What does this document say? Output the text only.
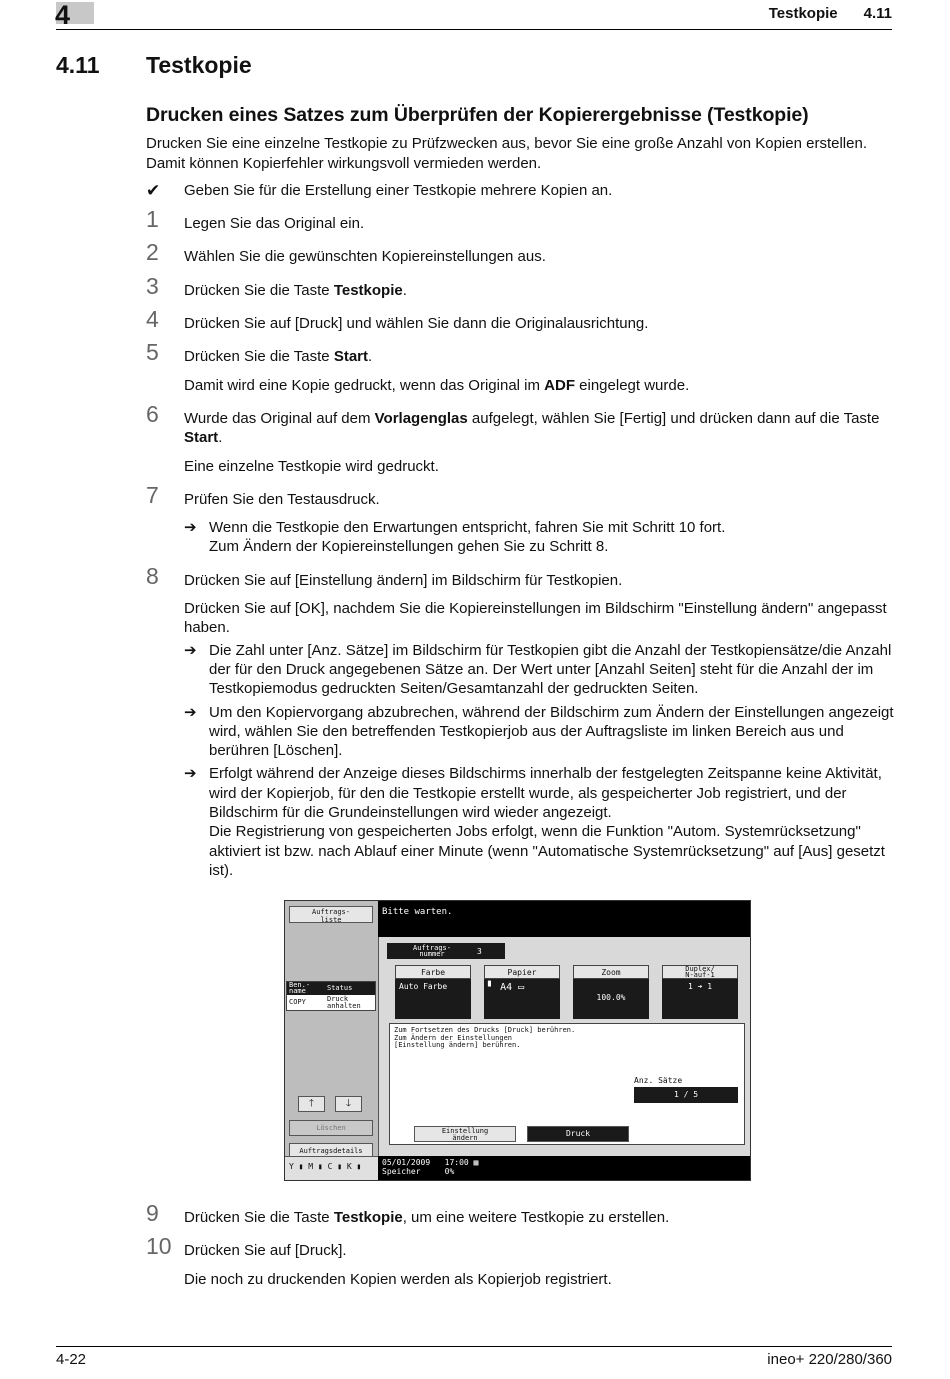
4	Testkopie 4.11
4.11 Testkopie
Drucken eines Satzes zum Überprüfen der Kopierergebnisse (Testkopie)
Drucken Sie eine einzelne Testkopie zu Prüfzwecken aus, bevor Sie eine große Anzahl von Kopien erstellen. Damit können Kopierfehler wirkungsvoll vermieden werden.
✔ Geben Sie für die Erstellung einer Testkopie mehrere Kopien an.
1 Legen Sie das Original ein.
2 Wählen Sie die gewünschten Kopiereinstellungen aus.
3 Drücken Sie die Taste Testkopie.
4 Drücken Sie auf [Druck] und wählen Sie dann die Originalausrichtung.
5 Drücken Sie die Taste Start.
Damit wird eine Kopie gedruckt, wenn das Original im ADF eingelegt wurde.
6 Wurde das Original auf dem Vorlagenglas aufgelegt, wählen Sie [Fertig] und drücken dann auf die Taste Start.
Eine einzelne Testkopie wird gedruckt.
7 Prüfen Sie den Testausdruck.
➔ Wenn die Testkopie den Erwartungen entspricht, fahren Sie mit Schritt 10 fort.
Zum Ändern der Kopiereinstellungen gehen Sie zu Schritt 8.
8 Drücken Sie auf [Einstellung ändern] im Bildschirm für Testkopien.
Drücken Sie auf [OK], nachdem Sie die Kopiereinstellungen im Bildschirm "Einstellung ändern" angepasst haben.
➔ Die Zahl unter [Anz. Sätze] im Bildschirm für Testkopien gibt die Anzahl der Testkopiensätze/die Anzahl der für den Druck angegebenen Sätze an. Der Wert unter [Anzahl Seiten] steht für die Anzahl der im Testkopiemodus gedruckten Seiten/Gesamtanzahl der gedruckten Seiten.
➔ Um den Kopiervorgang abzubrechen, während der Bildschirm zum Ändern der Einstellungen angezeigt wird, wählen Sie den betreffenden Testkopierjob aus der Auftragsliste im linken Bereich aus und berühren [Löschen].
➔ Erfolgt während der Anzeige dieses Bildschirms innerhalb der festgelegten Zeitspanne keine Aktivität, wird der Kopierjob, für den die Testkopie erstellt wurde, als gespeicherter Job registriert, und der Bildschirm für die Grundeinstellungen wird wieder angezeigt.
Die Registrierung von gespeicherten Jobs erfolgt, wenn die Funktion "Autom. Systemrücksetzung" aktiviert ist bzw. nach Ablauf einer Minute (wenn "Automatische Systemrücksetzung" auf [Aus] gesetzt ist).
Auftrags-
liste
Ben.-
name	Status
COPY	Druck
anhalten
🡑	🡓
Löschen
Auftragsdetails
Y ▮ M ▮ C ▮ K ▮
Bitte warten.
Auftrags-
nummer	3
Farbe
Auto Farbe
Papier
▘ A4 ▭
Zoom
100.0%
Duplex/
N-auf-1
1 ➔ 1
Zum Fortsetzen des Drucks [Druck] berühren.
Zum Ändern der Einstellungen
[Einstellung ändern] berühren.
Anz. Sätze
1 / 5
Einstellung
ändern	Druck
05/01/2009 17:00 ▦
Speicher	0%
9 Drücken Sie die Taste Testkopie, um eine weitere Testkopie zu erstellen.
10 Drücken Sie auf [Druck].
Die noch zu druckenden Kopien werden als Kopierjob registriert.
4-22	ineo+ 220/280/360
